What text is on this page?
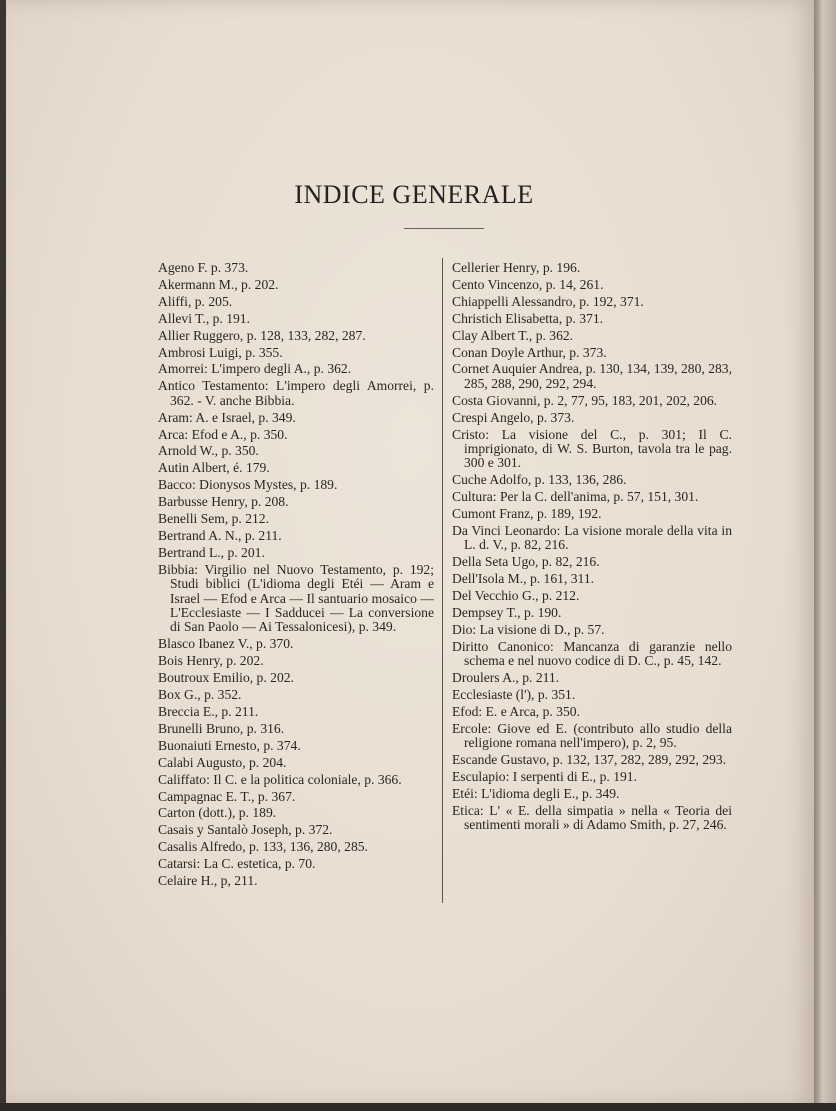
INDICE GENERALE
Ageno F. p. 373.
Akermann M., p. 202.
Aliffi, p. 205.
Allevi T., p. 191.
Allier Ruggero, p. 128, 133, 282, 287.
Ambrosi Luigi, p. 355.
Amorrei: L'impero degli A., p. 362.
Antico Testamento: L'impero degli Amorrei, p. 362. - V. anche Bibbia.
Aram: A. e Israel, p. 349.
Arca: Efod e A., p. 350.
Arnold W., p. 350.
Autin Albert, é. 179.
Bacco: Dionysos Mystes, p. 189.
Barbusse Henry, p. 208.
Benelli Sem, p. 212.
Bertrand A. N., p. 211.
Bertrand L., p. 201.
Bibbia: Virgilio nel Nuovo Testamento, p. 192; Studi biblici (L'idioma degli Etéi — Aram e Israel — Efod e Arca — Il santuario mosaico — L'Ecclesiaste — I Sadducei — La conversione di San Paolo — Ai Tessalonicesi), p. 349.
Blasco Ibanez V., p. 370.
Bois Henry, p. 202.
Boutroux Emilio, p. 202.
Box G., p. 352.
Breccia E., p. 211.
Brunelli Bruno, p. 316.
Buonaiuti Ernesto, p. 374.
Calabi Augusto, p. 204.
Califfato: Il C. e la politica coloniale, p. 366.
Campagnac E. T., p. 367.
Carton (dott.), p. 189.
Casais y Santalò Joseph, p. 372.
Casalis Alfredo, p. 133, 136, 280, 285.
Catarsi: La C. estetica, p. 70.
Celaire H., p, 211.
Cellerier Henry, p. 196.
Cento Vincenzo, p. 14, 261.
Chiappelli Alessandro, p. 192, 371.
Christich Elisabetta, p. 371.
Clay Albert T., p. 362.
Conan Doyle Arthur, p. 373.
Cornet Auquier Andrea, p. 130, 134, 139, 280, 283, 285, 288, 290, 292, 294.
Costa Giovanni, p. 2, 77, 95, 183, 201, 202, 206.
Crespi Angelo, p. 373.
Cristo: La visione del C., p. 301; Il C. imprigionato, di W. S. Burton, tavola tra le pag. 300 e 301.
Cuche Adolfo, p. 133, 136, 286.
Cultura: Per la C. dell'anima, p. 57, 151, 301.
Cumont Franz, p. 189, 192.
Da Vinci Leonardo: La visione morale della vita in L. d. V., p. 82, 216.
Della Seta Ugo, p. 82, 216.
Dell'Isola M., p. 161, 311.
Del Vecchio G., p. 212.
Dempsey T., p. 190.
Dio: La visione di D., p. 57.
Diritto Canonico: Mancanza di garanzie nello schema e nel nuovo codice di D. C., p. 45, 142.
Droulers A., p. 211.
Ecclesiaste (l'), p. 351.
Efod: E. e Arca, p. 350.
Ercole: Giove ed E. (contributo allo studio della religione romana nell'impero), p. 2, 95.
Escande Gustavo, p. 132, 137, 282, 289, 292, 293.
Esculapio: I serpenti di E., p. 191.
Etéi: L'idioma degli E., p. 349.
Etica: L' « E. della simpatia » nella « Teoria dei sentimenti morali » di Adamo Smith, p. 27, 246.
